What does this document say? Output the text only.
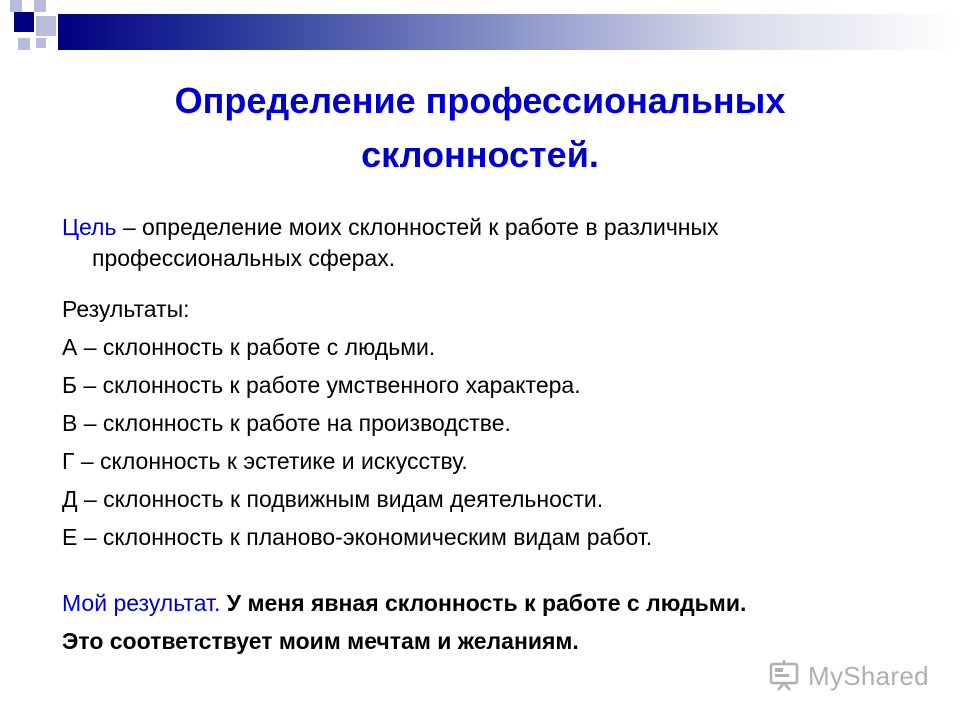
Определение профессиональных склонностей.

Цель – определение моих склонностей к работе в различных профессиональных сферах.

Результаты:

А – склонность к работе с людьми.

Б – склонность к работе умственного характера.

В – склонность к работе на производстве.

Г – склонность к эстетике и искусству.

Д – склонность к подвижным видам деятельности.

Е – склонность к планово-экономическим видам работ.

Мой результат. У меня явная склонность к работе с людьми.

Это соответствует моим мечтам и желаниям.

MyShared
